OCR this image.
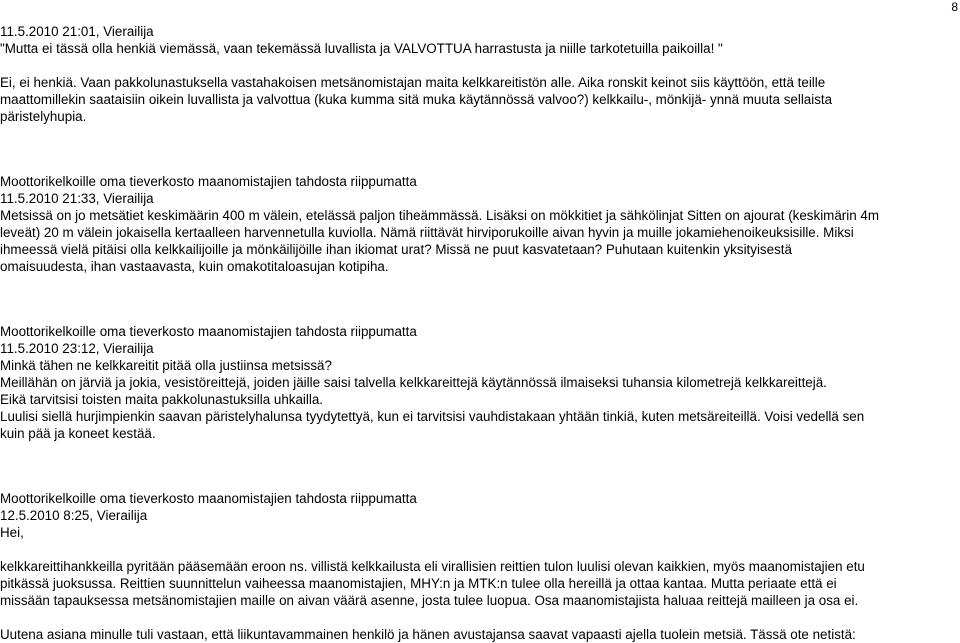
8
11.5.2010 21:01, Vierailija
"Mutta ei tässä olla henkiä viemässä, vaan tekemässä luvallista ja VALVOTTUA harrastusta ja niille tarkotetuilla paikoilla! "
Ei, ei henkiä. Vaan pakkolunastuksella vastahakoisen metsänomistajan maita kelkkareitistön alle. Aika ronskit keinot siis käyttöön, että teille
maattomillekin saataisiin oikein luvallista ja valvottua (kuka kumma sitä muka käytännössä valvoo?) kelkkailu-, mönkijä- ynnä muuta sellaista
päristelyhupia.
Moottorikelkoille oma tieverkosto maanomistajien tahdosta riippumatta
11.5.2010 21:33, Vierailija
Metsissä on jo metsätiet keskimäärin 400 m välein, etelässä paljon tiheämmässä. Lisäksi on mökkitiet ja sähkölinjat Sitten on ajourat (keskimärin 4m
leveät) 20 m välein jokaisella kertaalleen harvennetulla kuviolla. Nämä riittävät hirviporukoille aivan hyvin ja muille jokamiehenoikeuksisille. Miksi
ihmeessä vielä pitäisi olla kelkkailijoille ja mönkäilijöille ihan ikiomat urat? Missä ne puut kasvatetaan? Puhutaan kuitenkin yksityisestä
omaisuudesta, ihan vastaavasta, kuin omakotitaloasujan kotipiha.
Moottorikelkoille oma tieverkosto maanomistajien tahdosta riippumatta
11.5.2010 23:12, Vierailija
Minkä tähen ne kelkkareitit pitää olla justiinsa metsissä?
Meillähän on järviä ja jokia, vesistöreittejä, joiden jäille saisi talvella kelkkareittejä käytännössä ilmaiseksi tuhansia kilometrejä kelkkareittejä.
Eikä tarvitsisi toisten maita pakkolunastuksilla uhkailla.
Luulisi siellä hurjimpienkin saavan päristelyhalunsa tyydytettyä, kun ei tarvitsisi vauhdistakaan yhtään tinkiä, kuten metsäreiteillä. Voisi vedellä sen
kuin pää ja koneet kestää.
Moottorikelkoille oma tieverkosto maanomistajien tahdosta riippumatta
12.5.2010 8:25, Vierailija
Hei,
kelkkareittihankkeilla pyritään pääsemään eroon ns. villistä kelkkailusta eli virallisien reittien tulon luulisi olevan kaikkien, myös maanomistajien etu
pitkässä juoksussa. Reittien suunnittelun vaiheessa maanomistajien, MHY:n ja MTK:n tulee olla hereillä ja ottaa kantaa. Mutta periaate että ei
missään tapauksessa metsänomistajien maille on aivan väärä asenne, josta tulee luopua. Osa maanomistajista haluaa reittejä mailleen ja osa ei.
Uutena asiana minulle tuli vastaan, että liikuntavammainen henkilö ja hänen avustajansa saavat vapaasti ajella tuolein metsiä. Tässä ote netistä:
